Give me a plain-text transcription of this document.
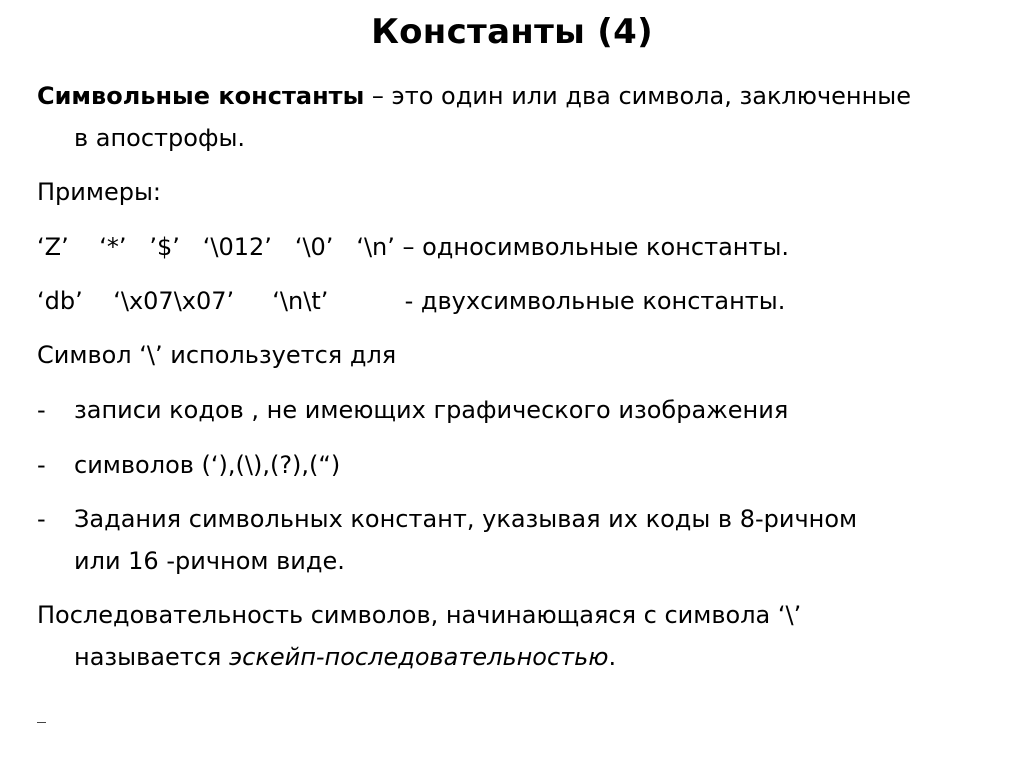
Константы (4)
Символьные константы – это один или два символа, заключенные
в апострофы.
Примеры:
‘Z’    ‘*’   ’$’   ‘\012’   ‘\0’   ‘\n’ – односимвольные константы.
‘db’    ‘\x07\x07’     ‘\n\t’          - двухсимвольные константы.
Символ ‘\’ используется для
- записи кодов , не имеющих графического изображения
- символов (‘),(\),(?),(“)
- Задания символьных констант, указывая их коды в 8-ричном
или 16 -ричном виде.
Последовательность символов, начинающаяся с символа ‘\’
называется эскейп-последовательностью.
